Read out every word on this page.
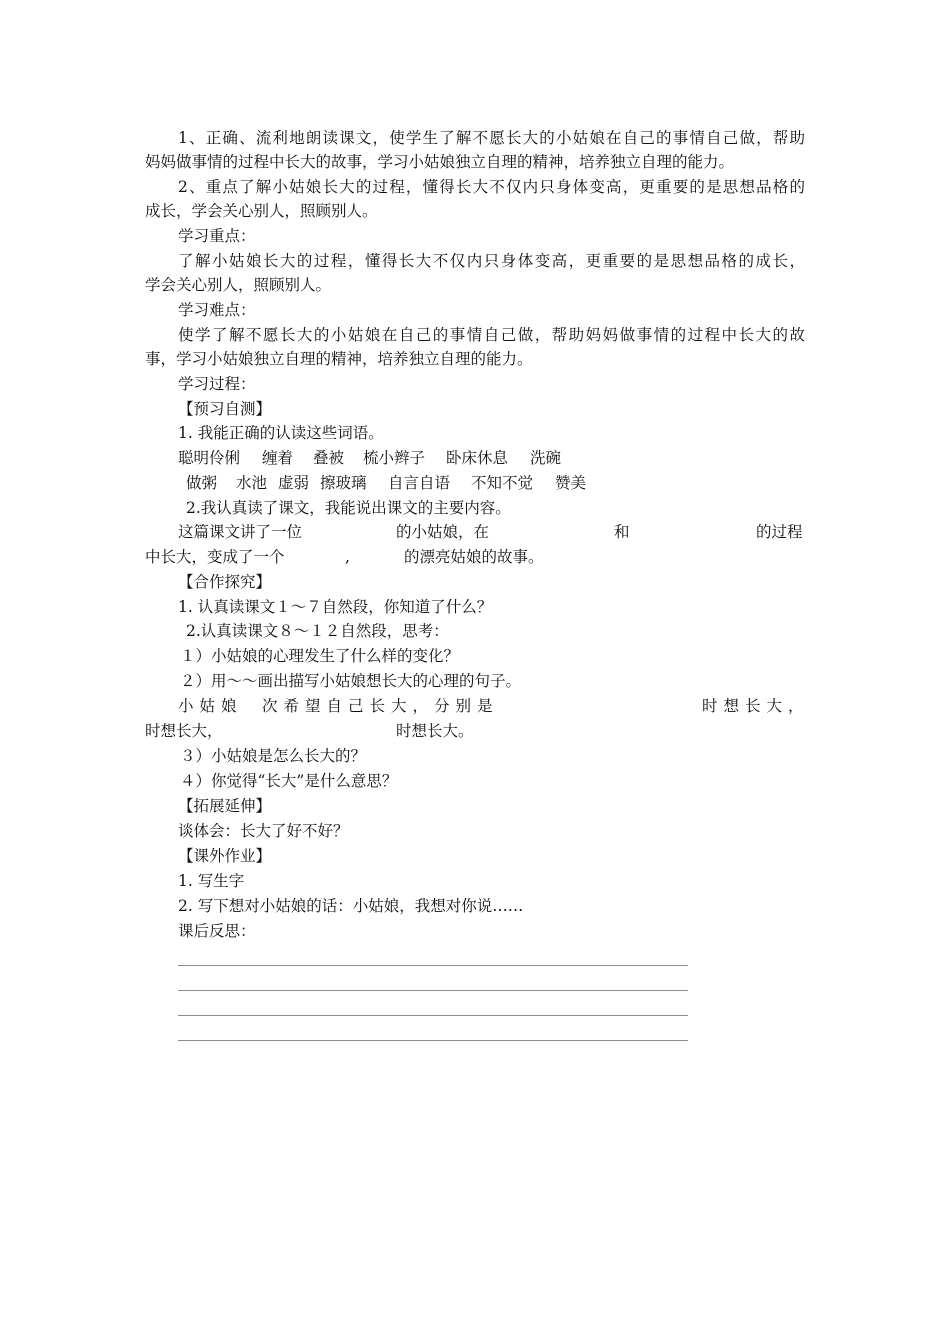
1、正确、流利地朗读课文，使学生了解不愿长大的小姑娘在自己的事情自己做，帮助
妈妈做事情的过程中长大的故事，学习小姑娘独立自理的精神，培养独立自理的能力。
2、重点了解小姑娘长大的过程，懂得长大不仅内只身体变高，更重要的是思想品格的
成长，学会关心别人，照顾别人。
学习重点：
了解小姑娘长大的过程，懂得长大不仅内只身体变高，更重要的是思想品格的成长，
学会关心别人，照顾别人。
学习难点：
使学了解不愿长大的小姑娘在自己的事情自己做，帮助妈妈做事情的过程中长大的故
事，学习小姑娘独立自理的精神，培养独立自理的能力。
学习过程：
【预习自测】
1. 我能正确的认读这些词语。
聪明伶俐 缠着 叠被 梳小辫子 卧床休息 洗碗
做粥 水池 虚弱 擦玻璃 自言自语 不知不觉 赞美
2.我认真读了课文，我能说出课文的主要内容。
这篇课文讲了一位	的小姑娘，在	和	的过程
中长大，变成了一个	,	的漂亮姑娘的故事。
【合作探究】
1. 认真读课文１～７自然段，你知道了什么？
2.认真读课文８～１２自然段，思考：
１）小姑娘的心理发生了什么样的变化？
２）用～～画出描写小姑娘想长大的心理的句子。
小姑娘 次希望自己长大，分别是	时想长大，
时想长大，	时想长大。
３）小姑娘是怎么长大的？
４）你觉得“长大”是什么意思？
【拓展延伸】
谈体会：长大了好不好？
【课外作业】
1. 写生字
2. 写下想对小姑娘的话：小姑娘，我想对你说……
课后反思：
